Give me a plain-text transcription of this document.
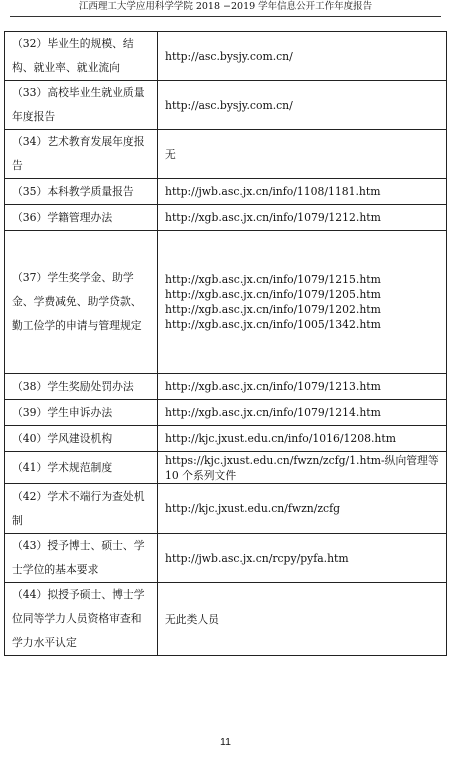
江西理工大学应用科学学院 2018 −2019 学年信息公开工作年度报告
（32）毕业生的规模、结构、就业率、就业流向	http://asc.bysjy.com.cn/

（33）高校毕业生就业质量年度报告	http://asc.bysjy.com.cn/

（34）艺术教育发展年度报告	无

（35）本科教学质量报告	http://jwb.asc.jx.cn/info/1108/1181.htm

（36）学籍管理办法	http://xgb.asc.jx.cn/info/1079/1212.htm

（37）学生奖学金、助学金、学费减免、助学贷款、勤工俭学的申请与管理规定	http://xgb.asc.jx.cn/info/1079/1215.htm
http://xgb.asc.jx.cn/info/1079/1205.htm
http://xgb.asc.jx.cn/info/1079/1202.htm
http://xgb.asc.jx.cn/info/1005/1342.htm

（38）学生奖励处罚办法	http://xgb.asc.jx.cn/info/1079/1213.htm

（39）学生申诉办法	http://xgb.asc.jx.cn/info/1079/1214.htm

（40）学风建设机构	http://kjc.jxust.edu.cn/info/1016/1208.htm

（41）学术规范制度	https://kjc.jxust.edu.cn/fwzn/zcfg/1.htm-纵向管理等 10 个系列文件

（42）学术不端行为查处机制	http://kjc.jxust.edu.cn/fwzn/zcfg

（43）授予博士、硕士、学士学位的基本要求	http://jwb.asc.jx.cn/rcpy/pyfa.htm

（44）拟授予硕士、博士学位同等学力人员资格审查和学力水平认定	无此类人员
11
